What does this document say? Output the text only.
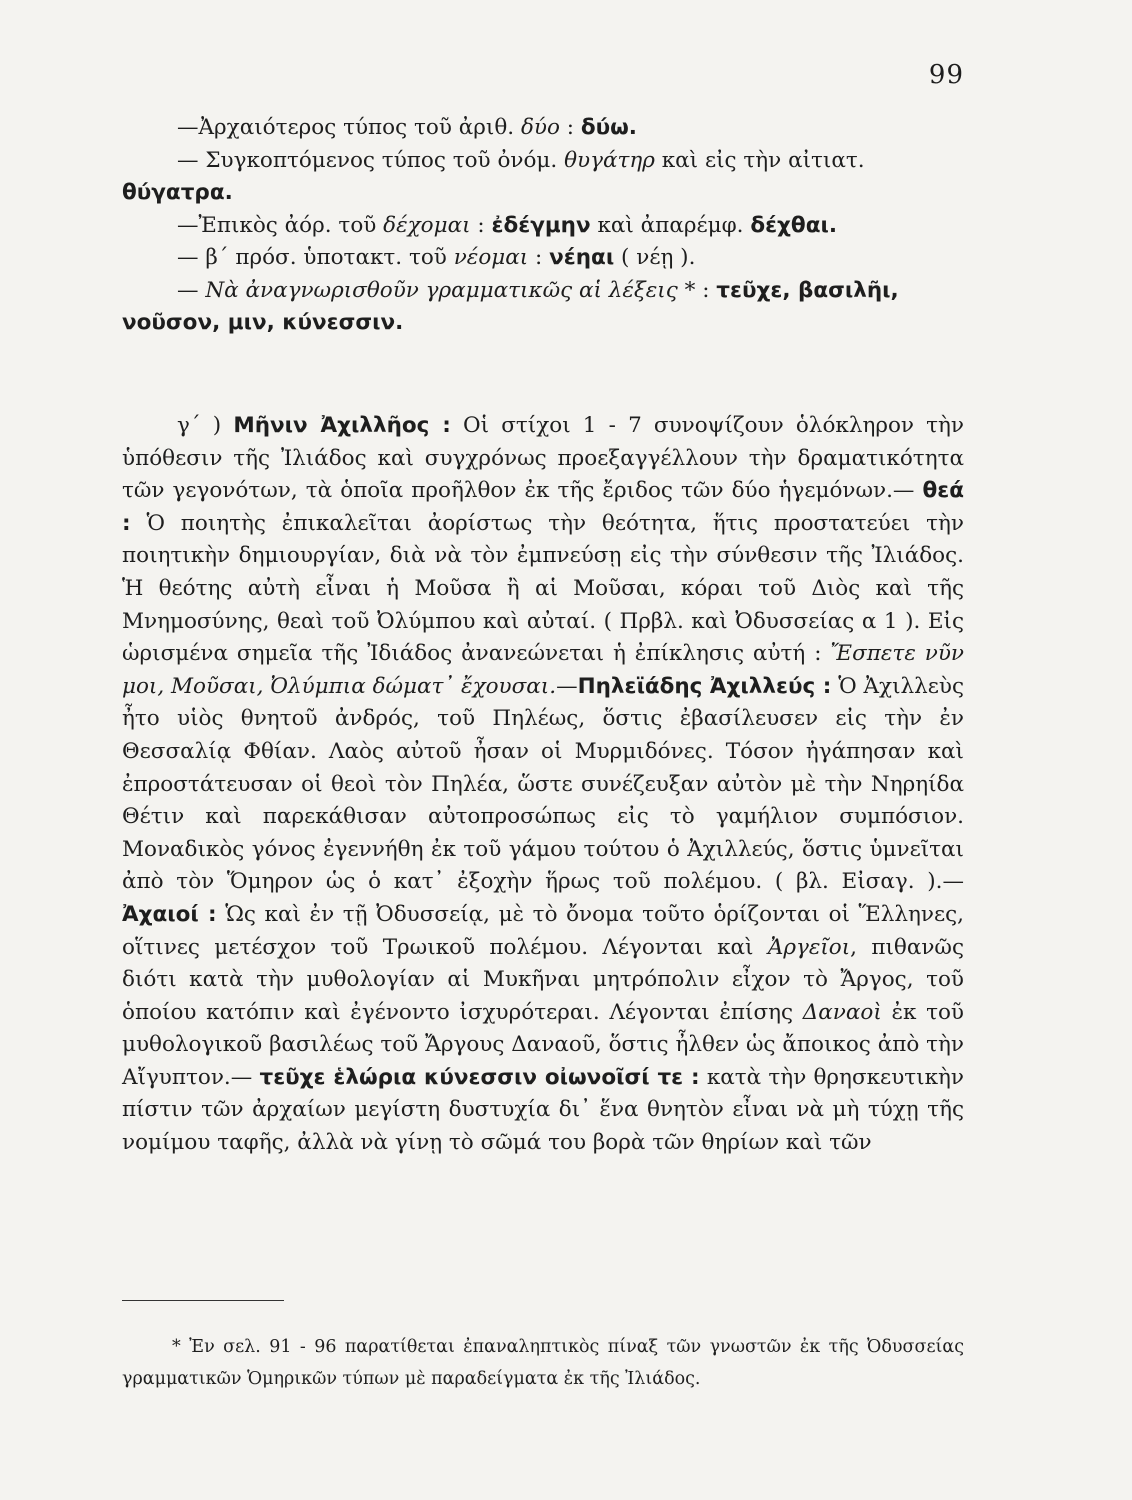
99
—Ἀρχαιότερος τύπος τοῦ ἀριθ. δύο : δύω.
— Συγκοπτόμενος τύπος τοῦ ὀνόμ. θυγάτηρ καὶ εἰς τὴν αἰτιατ.
θύγατρα.
—Ἐπικὸς ἀόρ. τοῦ δέχομαι : ἐδέγμην καὶ ἀπαρέμφ. δέχθαι.
— β΄ πρόσ. ὑποτακτ. τοῦ νέομαι : νέηαι ( νέῃ ).
— Νὰ ἀναγνωρισθοῦν γραμματικῶς αἱ λέξεις * : τεῦχε, βασιλῆι,
νοῦσον, μιν, κύνεσσιν.
γ΄ ) Μῆνιν Ἀχιλλῆος : Οἱ στίχοι 1 - 7 συνοψίζουν ὁλόκληρον τὴν ὑπόθεσιν τῆς Ἰλιάδος καὶ συγχρόνως προεξαγγέλλουν τὴν δραματικότητα τῶν γεγονότων, τὰ ὁποῖα προῆλθον ἐκ τῆς ἔριδος τῶν δύο ἡγεμόνων.— θεά : Ὁ ποιητὴς ἐπικαλεῖται ἀορίστως τὴν θεότητα, ἥτις προστατεύει τὴν ποιητικὴν δημιουργίαν, διὰ νὰ τὸν ἐμπνεύσῃ εἰς τὴν σύνθεσιν τῆς Ἰλιάδος. Ἡ θεότης αὐτὴ εἶναι ἡ Μοῦσα ἢ αἱ Μοῦσαι, κόραι τοῦ Διὸς καὶ τῆς Μνημοσύνης, θεαὶ τοῦ Ὀλύμπου καὶ αὐταί. ( Πρβλ. καὶ Ὀδυσσείας α 1 ). Εἰς ὡρισμένα σημεῖα τῆς Ἰδιάδος ἀνανεώνεται ἡ ἐπίκλησις αὐτή : Ἔσπετε νῦν μοι, Μοῦσαι, Ὀλύμπια δώματ᾽ ἔχουσαι.—Πηλεϊάδης Ἀχιλλεύς : Ὁ Ἀχιλλεὺς ἦτο υἱὸς θνητοῦ ἀνδρός, τοῦ Πηλέως, ὅστις ἐβασίλευσεν εἰς τὴν ἐν Θεσσαλίᾳ Φθίαν. Λαὸς αὐτοῦ ἦσαν οἱ Μυρμιδόνες. Τόσον ἠγάπησαν καὶ ἐπροστάτευσαν οἱ θεοὶ τὸν Πηλέα, ὥστε συνέζευξαν αὐτὸν μὲ τὴν Νηρηίδα Θέτιν καὶ παρεκάθισαν αὐτοπροσώπως εἰς τὸ γαμήλιον συμπόσιον. Μοναδικὸς γόνος ἐγεννήθη ἐκ τοῦ γάμου τούτου ὁ Ἀχιλλεύς, ὅστις ὑμνεῖται ἀπὸ τὸν Ὅμηρον ὡς ὁ κατ᾽ ἐξοχὴν ἥρως τοῦ πολέμου. ( βλ. Εἰσαγ. ).—Ἀχαιοί : Ὡς καὶ ἐν τῇ Ὀδυσσείᾳ, μὲ τὸ ὄνομα τοῦτο ὁρίζονται οἱ Ἕλληνες, οἵτινες μετέσχον τοῦ Τρωικοῦ πολέμου. Λέγονται καὶ Ἀργεῖοι, πιθανῶς διότι κατὰ τὴν μυθολογίαν αἱ Μυκῆναι μητρόπολιν εἶχον τὸ Ἄργος, τοῦ ὁποίου κατόπιν καὶ ἐγένοντο ἰσχυρότεραι. Λέγονται ἐπίσης Δαναοὶ ἐκ τοῦ μυθολογικοῦ βασιλέως τοῦ Ἄργους Δαναοῦ, ὅστις ἦλθεν ὡς ἄποικος ἀπὸ τὴν Αἴγυπτον.— τεῦχε ἑλώρια κύνεσσιν οἰωνοῖσί τε : κατὰ τὴν θρησκευτικὴν πίστιν τῶν ἀρχαίων μεγίστη δυστυχία δι᾽ ἕνα θνητὸν εἶναι νὰ μὴ τύχῃ τῆς νομίμου ταφῆς, ἀλλὰ νὰ γίνῃ τὸ σῶμά του βορὰ τῶν θηρίων καὶ τῶν
* Ἐν σελ. 91 - 96 παρατίθεται ἐπαναληπτικὸς πίναξ τῶν γνωστῶν ἐκ τῆς Ὀδυσσείας γραμματικῶν Ὁμηρικῶν τύπων μὲ παραδείγματα ἐκ τῆς Ἰλιάδος.
